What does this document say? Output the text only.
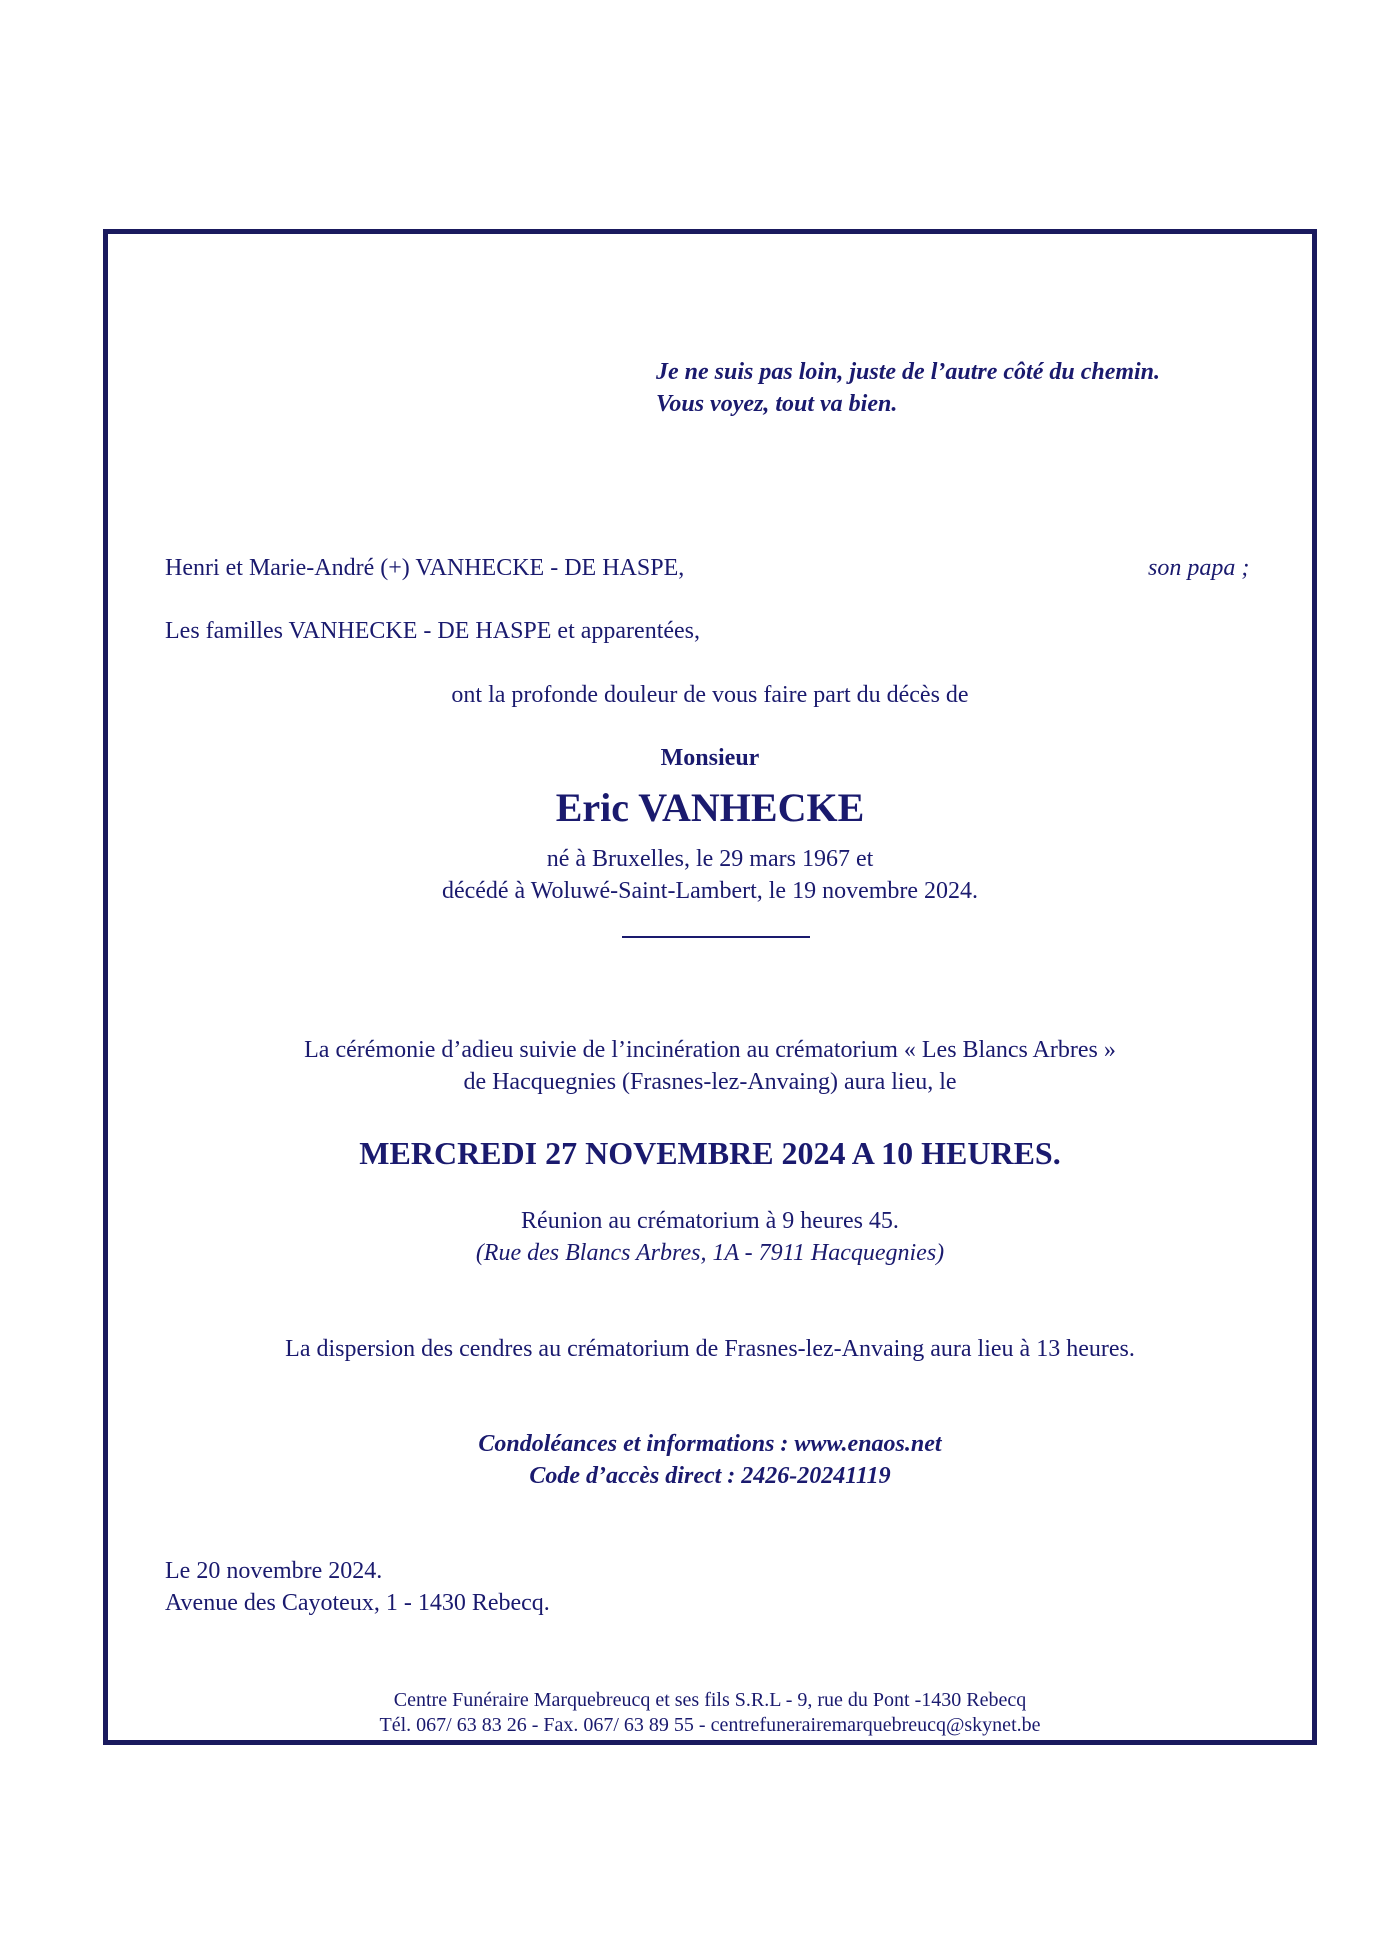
Je ne suis pas loin, juste de l’autre côté du chemin.
Vous voyez, tout va bien.
Henri et Marie-André (+) VANHECKE - DE HASPE,	son papa ;
Les familles VANHECKE - DE HASPE et apparentées,
ont la profonde douleur de vous faire part du décès de
Monsieur
Eric VANHECKE
né à Bruxelles, le 29 mars 1967 et
décédé à Woluwé-Saint-Lambert, le 19 novembre 2024.
La cérémonie d’adieu suivie de l’incinération au crématorium « Les Blancs Arbres »
de Hacquegnies (Frasnes-lez-Anvaing) aura lieu, le
MERCREDI 27 NOVEMBRE 2024 A 10 HEURES.
Réunion au crématorium à 9 heures 45.
(Rue des Blancs Arbres, 1A - 7911 Hacquegnies)
La dispersion des cendres au crématorium de Frasnes-lez-Anvaing aura lieu à 13 heures.
Condoléances et informations : www.enaos.net
Code d’accès direct : 2426-20241119
Le 20 novembre 2024.
Avenue des Cayoteux, 1 - 1430 Rebecq.
Centre Funéraire Marquebreucq et ses fils S.R.L - 9, rue du Pont -1430 Rebecq
Tél. 067/ 63 83 26 - Fax. 067/ 63 89 55 - centrefunerairemarquebreucq@skynet.be
